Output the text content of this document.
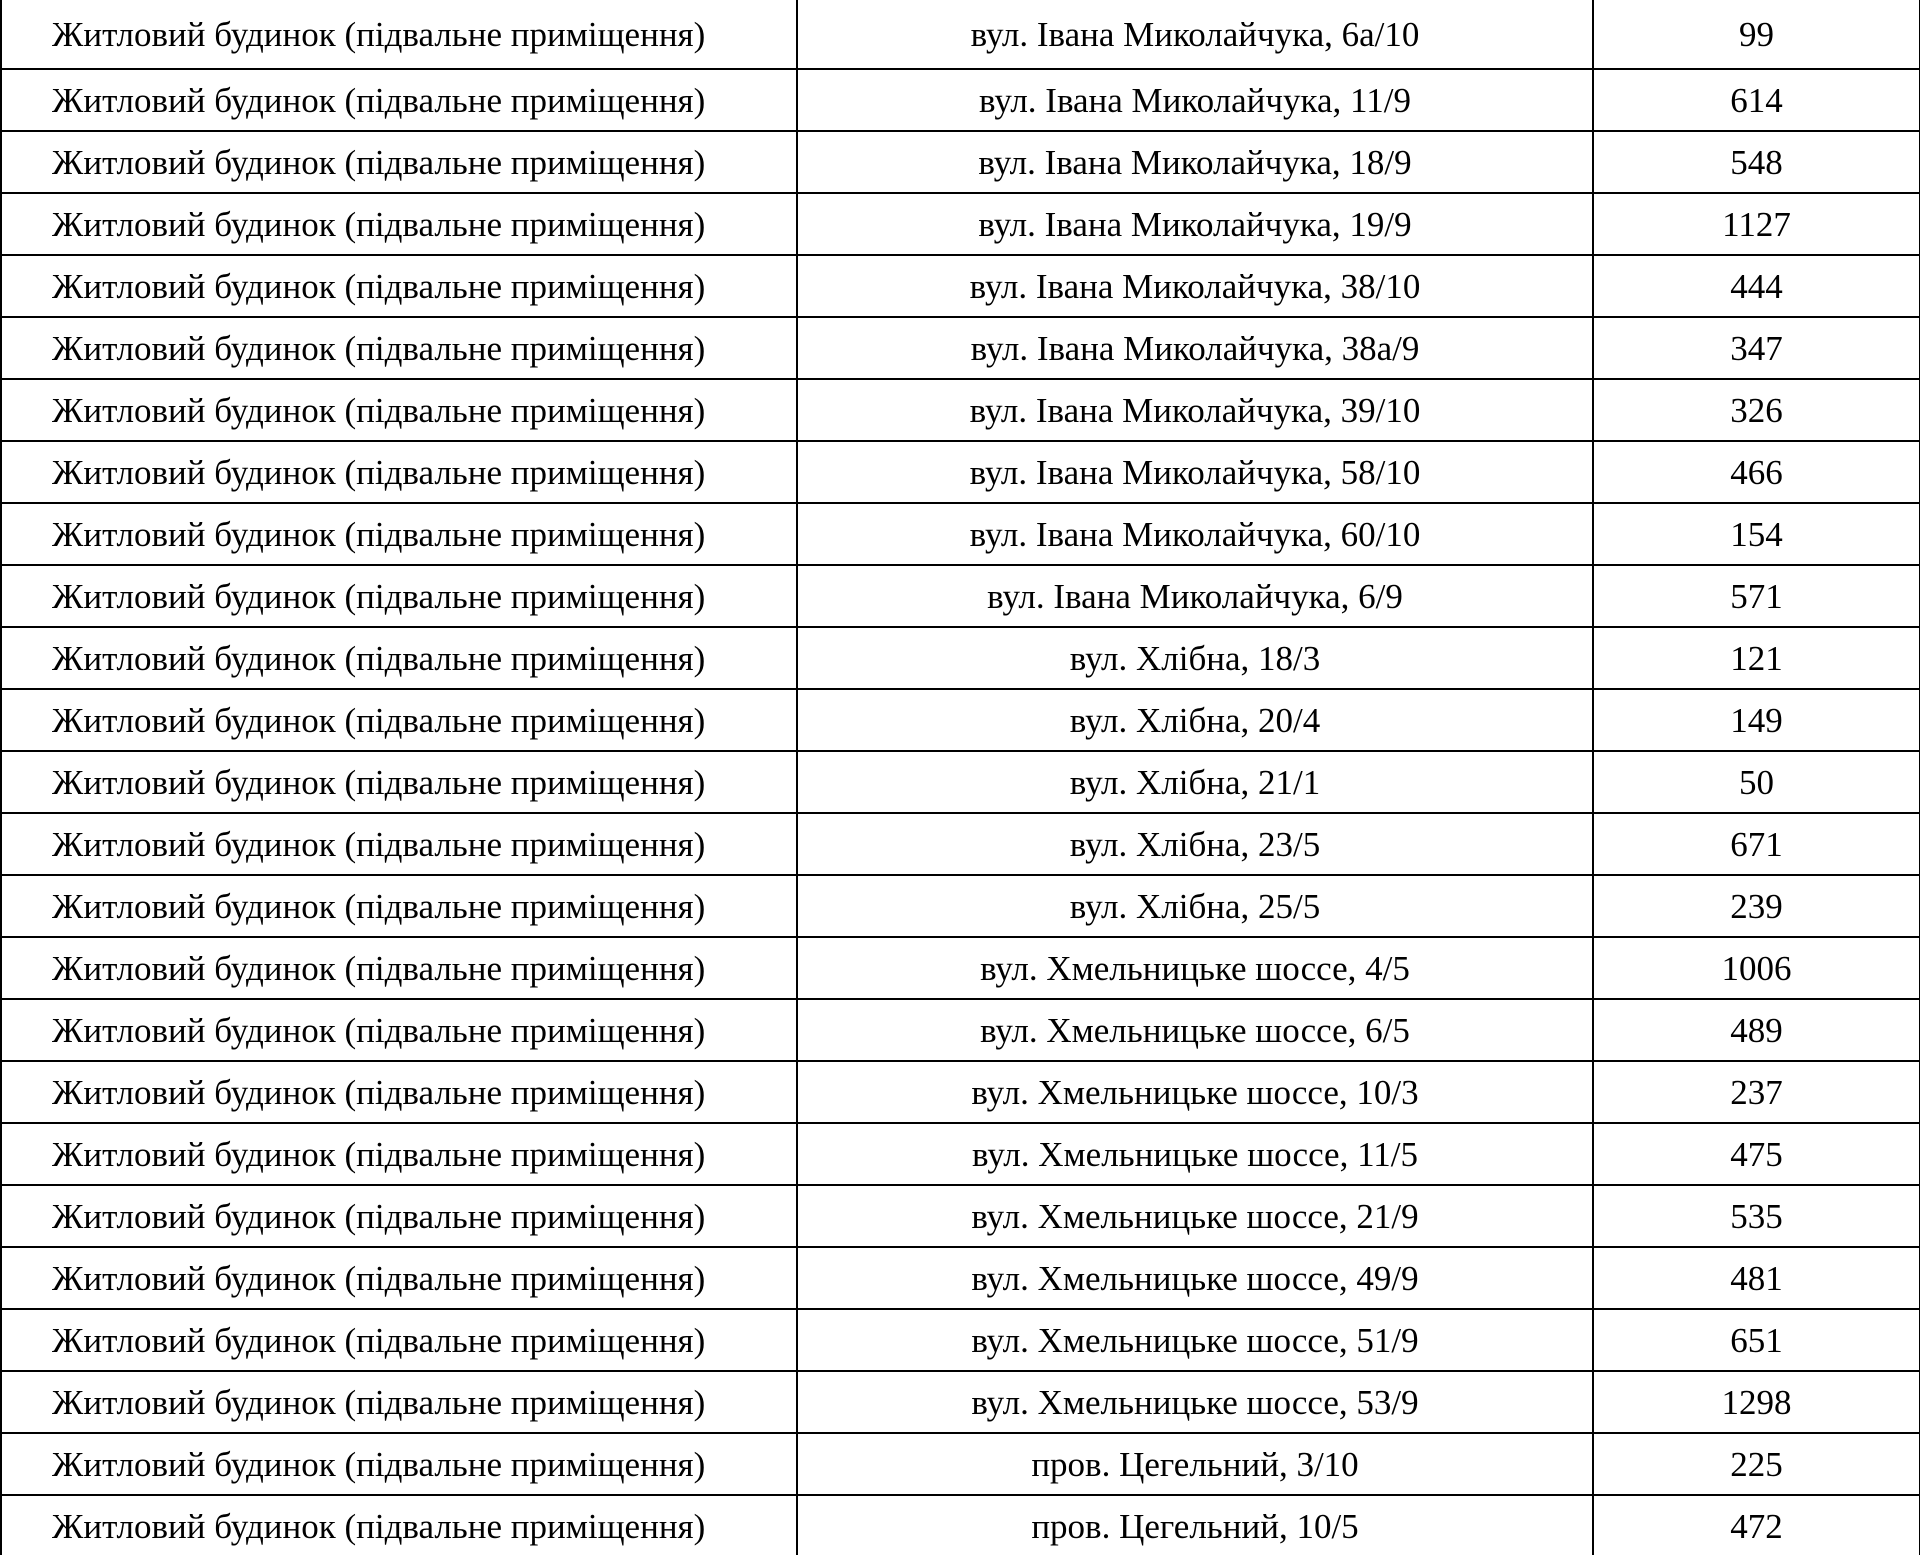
Житловий будинок (підвальне приміщення)	вул. Івана Миколайчука, 6а/10	99
Житловий будинок (підвальне приміщення)	вул. Івана Миколайчука, 11/9	614
Житловий будинок (підвальне приміщення)	вул. Івана Миколайчука, 18/9	548
Житловий будинок (підвальне приміщення)	вул. Івана Миколайчука, 19/9	1127
Житловий будинок (підвальне приміщення)	вул. Івана Миколайчука, 38/10	444
Житловий будинок (підвальне приміщення)	вул. Івана Миколайчука, 38а/9	347
Житловий будинок (підвальне приміщення)	вул. Івана Миколайчука, 39/10	326
Житловий будинок (підвальне приміщення)	вул. Івана Миколайчука, 58/10	466
Житловий будинок (підвальне приміщення)	вул. Івана Миколайчука, 60/10	154
Житловий будинок (підвальне приміщення)	вул. Івана Миколайчука, 6/9	571
Житловий будинок (підвальне приміщення)	вул. Хлібна, 18/3	121
Житловий будинок (підвальне приміщення)	вул. Хлібна, 20/4	149
Житловий будинок (підвальне приміщення)	вул. Хлібна, 21/1	50
Житловий будинок (підвальне приміщення)	вул. Хлібна, 23/5	671
Житловий будинок (підвальне приміщення)	вул. Хлібна, 25/5	239
Житловий будинок (підвальне приміщення)	вул. Хмельницьке шоссе, 4/5	1006
Житловий будинок (підвальне приміщення)	вул. Хмельницьке шоссе, 6/5	489
Житловий будинок (підвальне приміщення)	вул. Хмельницьке шоссе, 10/3	237
Житловий будинок (підвальне приміщення)	вул. Хмельницьке шоссе, 11/5	475
Житловий будинок (підвальне приміщення)	вул. Хмельницьке шоссе, 21/9	535
Житловий будинок (підвальне приміщення)	вул. Хмельницьке шоссе, 49/9	481
Житловий будинок (підвальне приміщення)	вул. Хмельницьке шоссе, 51/9	651
Житловий будинок (підвальне приміщення)	вул. Хмельницьке шоссе, 53/9	1298
Житловий будинок (підвальне приміщення)	пров. Цегельний, 3/10	225
Житловий будинок (підвальне приміщення)	пров. Цегельний, 10/5	472
